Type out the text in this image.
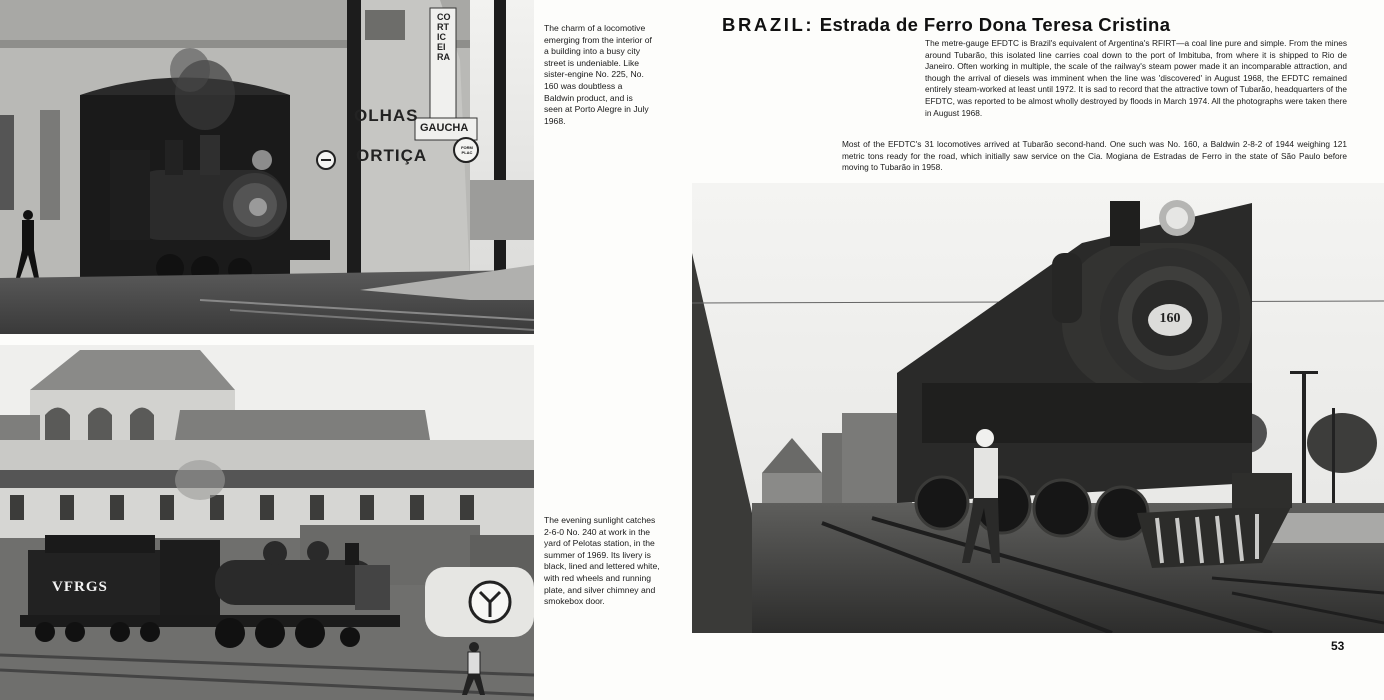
CORTICEIRA
GAUCHA
OLHAS
ORTIÇA	FORM PLAC
VFRGS
The charm of a locomotive emerging from the interior of a building into a busy city street is undeniable. Like sister-engine No. 225, No. 160 was doubtless a Baldwin product, and is seen at Porto Alegre in July 1968.
The evening sunlight catches 2-6-0 No. 240 at work in the yard of Pelotas station, in the summer of 1969. Its livery is black, lined and lettered white, with red wheels and running plate, and silver chimney and smokebox door.
BRAZIL: Estrada de Ferro Dona Teresa Cristina
The metre-gauge EFDTC is Brazil's equivalent of Argentina's RFIRT—a coal line pure and simple. From the mines around Tubarão, this isolated line carries coal down to the port of Imbituba, from where it is shipped to Rio de Janeiro. Often working in multiple, the scale of the railway's steam power made it an incomparable attraction, and though the arrival of diesels was imminent when the line was 'discovered' in August 1968, the EFDTC remained entirely steam-worked at least until 1972. It is sad to record that the attractive town of Tubarão, headquarters of the EFDTC, was reported to be almost wholly destroyed by floods in March 1974. All the photographs were taken there in August 1968.
Most of the EFDTC's 31 locomotives arrived at Tubarão second-hand. One such was No. 160, a Baldwin 2-8-2 of 1944 weighing 121 metric tons ready for the road, which initially saw service on the Cia. Mogiana de Estradas de Ferro in the state of São Paulo before moving to Tubarão in 1958.
160
53
